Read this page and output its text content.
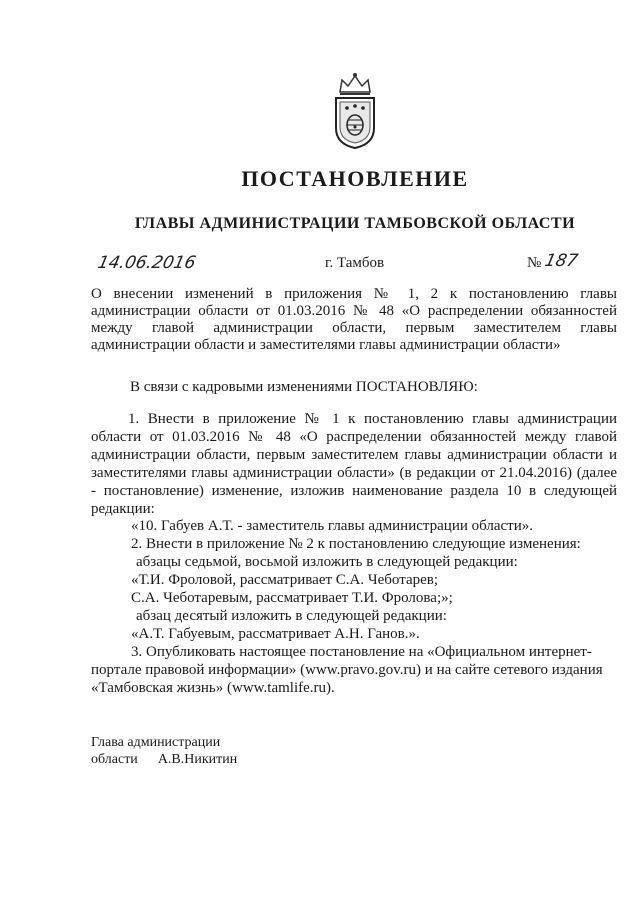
ПОСТАНОВЛЕНИЕ
ГЛАВЫ АДМИНИСТРАЦИИ ТАМБОВСКОЙ ОБЛАСТИ
14.06.2016	г. Тамбов	№ 187
О внесении изменений в приложения № 1, 2 к постановлению главы администрации области от 01.03.2016 № 48 «О распределении обязанностей между главой администрации области, первым заместителем главы администрации области и заместителями главы администрации области»
В связи с кадровыми изменениями ПОСТАНОВЛЯЮ:
1. Внести в приложение № 1 к постановлению главы администрации области от 01.03.2016 № 48 «О распределении обязанностей между главой администрации области, первым заместителем главы администрации области и заместителями главы администрации области» (в редакции от 21.04.2016) (далее - постановление) изменение, изложив наименование раздела 10 в следующей редакции:
«10. Габуев А.Т. - заместитель главы администрации области».
2. Внести в приложение № 2 к постановлению следующие изменения:
абзацы седьмой, восьмой изложить в следующей редакции:
«Т.И. Фроловой, рассматривает С.А. Чеботарев;
С.А. Чеботаревым, рассматривает Т.И. Фролова;»;
абзац десятый изложить в следующей редакции:
«А.Т. Габуевым, рассматривает А.Н. Ганов.».
3. Опубликовать настоящее постановление на «Официальном интернет-
портале правовой информации» (www.pravo.gov.ru) и на сайте сетевого издания
«Тамбовская жизнь» (www.tamlife.ru).
Глава администрации
области А.В.Никитин
